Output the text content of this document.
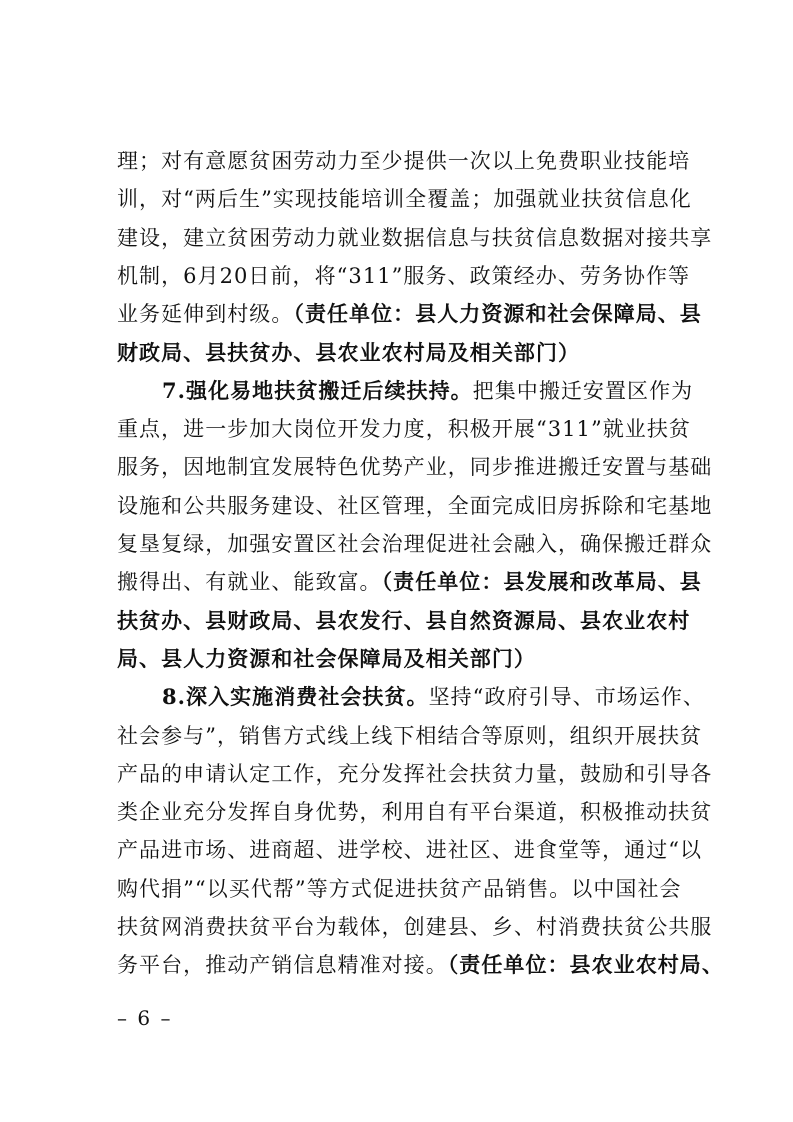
理；对有意愿贫困劳动力至少提供一次以上免费职业技能培
训，对“两后生”实现技能培训全覆盖；加强就业扶贫信息化
建设，建立贫困劳动力就业数据信息与扶贫信息数据对接共享
机制，6月20日前，将“311”服务、政策经办、劳务协作等
业务延伸到村级。（责任单位：县人力资源和社会保障局、县
财政局、县扶贫办、县农业农村局及相关部门）
7.强化易地扶贫搬迁后续扶持。把集中搬迁安置区作为
重点，进一步加大岗位开发力度，积极开展“311”就业扶贫
服务，因地制宜发展特色优势产业，同步推进搬迁安置与基础
设施和公共服务建设、社区管理，全面完成旧房拆除和宅基地
复垦复绿，加强安置区社会治理促进社会融入，确保搬迁群众
搬得出、有就业、能致富。（责任单位：县发展和改革局、县
扶贫办、县财政局、县农发行、县自然资源局、县农业农村
局、县人力资源和社会保障局及相关部门）
8.深入实施消费社会扶贫。坚持“政府引导、市场运作、
社会参与”，销售方式线上线下相结合等原则，组织开展扶贫
产品的申请认定工作，充分发挥社会扶贫力量，鼓励和引导各
类企业充分发挥自身优势，利用自有平台渠道，积极推动扶贫
产品进市场、进商超、进学校、进社区、进食堂等，通过“以
购代捐”“以买代帮”等方式促进扶贫产品销售。以中国社会
扶贫网消费扶贫平台为载体，创建县、乡、村消费扶贫公共服
务平台，推动产销信息精准对接。（责任单位：县农业农村局、
– 6 –
